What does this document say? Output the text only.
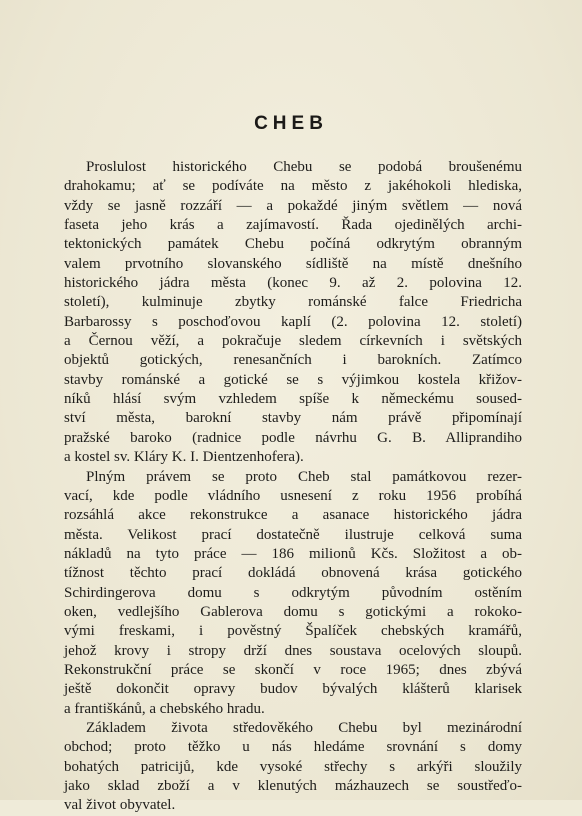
CHEB
Proslulost historického Chebu se podobá broušenému
drahokamu; ať se podíváte na město z jakéhokoli hlediska,
vždy se jasně rozzáří — a pokaždé jiným světlem — nová
faseta jeho krás a zajímavostí. Řada ojedinělých archi-
tektonických památek Chebu počíná odkrytým obranným
valem prvotního slovanského sídliště na místě dnešního
historického jádra města (konec 9. až 2. polovina 12.
století), kulminuje zbytky románské falce Friedricha
Barbarossy s poschoďovou kaplí (2. polovina 12. století)
a Černou věží, a pokračuje sledem církevních i světských
objektů gotických, renesančních i barokních. Zatímco
stavby románské a gotické se s výjimkou kostela křižov-
níků hlásí svým vzhledem spíše k německému soused-
ství města, barokní stavby nám právě připomínají
pražské baroko (radnice podle návrhu G. B. Alliprandiho
a kostel sv. Kláry K. I. Dientzenhofera).
Plným právem se proto Cheb stal památkovou rezer-
vací, kde podle vládního usnesení z roku 1956 probíhá
rozsáhlá akce rekonstrukce a asanace historického jádra
města. Velikost prací dostatečně ilustruje celková suma
nákladů na tyto práce — 186 milionů Kčs. Složitost a ob-
tížnost těchto prací dokládá obnovená krása gotického
Schirdingerova domu s odkrytým původním ostěním
oken, vedlejšího Gablerova domu s gotickými a rokoko-
vými freskami, i pověstný Špalíček chebských kramářů,
jehož krovy i stropy drží dnes soustava ocelových sloupů.
Rekonstrukční práce se skončí v roce 1965; dnes zbývá
ještě dokončit opravy budov bývalých klášterů klarisek
a františkánů, a chebského hradu.
Základem života středověkého Chebu byl mezinárodní
obchod; proto těžko u nás hledáme srovnání s domy
bohatých patriciјů, kde vysoké střechy s arkýři sloužily
jako sklad zboží a v klenutých mázhauzech se soustřeďo-
val život obyvatel.
